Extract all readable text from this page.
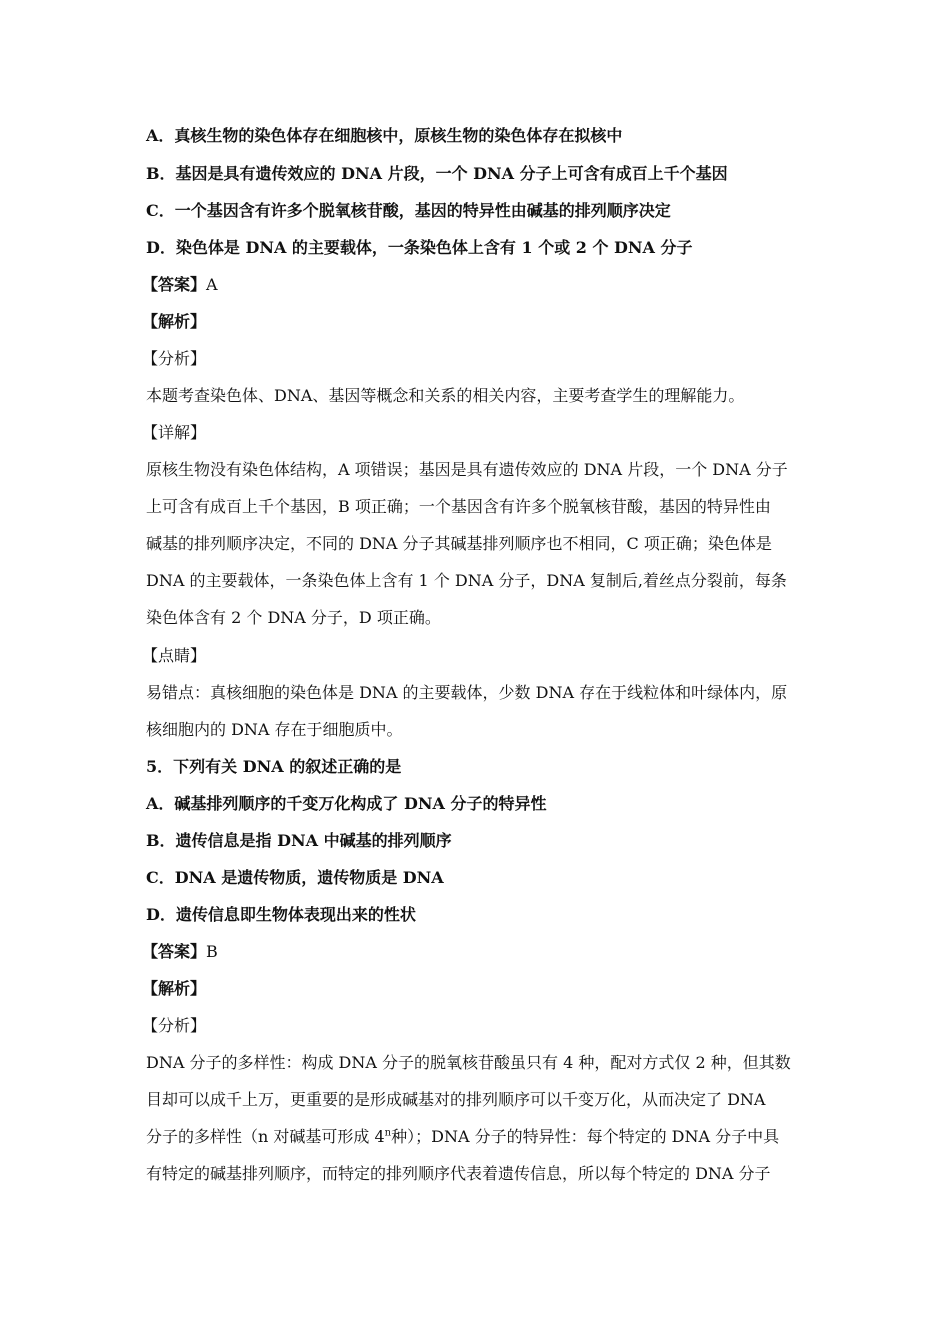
A．真核生物的染色体存在细胞核中，原核生物的染色体存在拟核中
B．基因是具有遗传效应的 DNA 片段，一个 DNA 分子上可含有成百上千个基因
C．一个基因含有许多个脱氧核苷酸，基因的特异性由碱基的排列顺序决定
D．染色体是 DNA 的主要载体，一条染色体上含有 1 个或 2 个 DNA 分子
【答案】A
【解析】
【分析】
本题考查染色体、DNA、基因等概念和关系的相关内容，主要考查学生的理解能力。
【详解】
原核生物没有染色体结构，A 项错误；基因是具有遗传效应的 DNA 片段，一个 DNA 分子
上可含有成百上千个基因，B 项正确；一个基因含有许多个脱氧核苷酸，基因的特异性由
碱基的排列顺序决定，不同的 DNA 分子其碱基排列顺序也不相同，C 项正确；染色体是
DNA 的主要载体，一条染色体上含有 1 个 DNA 分子，DNA 复制后,着丝点分裂前，每条
染色体含有 2 个 DNA 分子，D 项正确。
【点睛】
易错点：真核细胞的染色体是 DNA 的主要载体，少数 DNA 存在于线粒体和叶绿体内，原
核细胞内的 DNA 存在于细胞质中。
5．下列有关 DNA 的叙述正确的是
A．碱基排列顺序的千变万化构成了 DNA 分子的特异性
B．遗传信息是指 DNA 中碱基的排列顺序
C．DNA 是遗传物质，遗传物质是 DNA
D．遗传信息即生物体表现出来的性状
【答案】B
【解析】
【分析】
DNA 分子的多样性：构成 DNA 分子的脱氧核苷酸虽只有 4 种，配对方式仅 2 种，但其数
目却可以成千上万，更重要的是形成碱基对的排列顺序可以千变万化，从而决定了 DNA
分子的多样性（n 对碱基可形成 4$^n$种）；DNA 分子的特异性：每个特定的 DNA 分子中具
有特定的碱基排列顺序，而特定的排列顺序代表着遗传信息，所以每个特定的 DNA 分子
